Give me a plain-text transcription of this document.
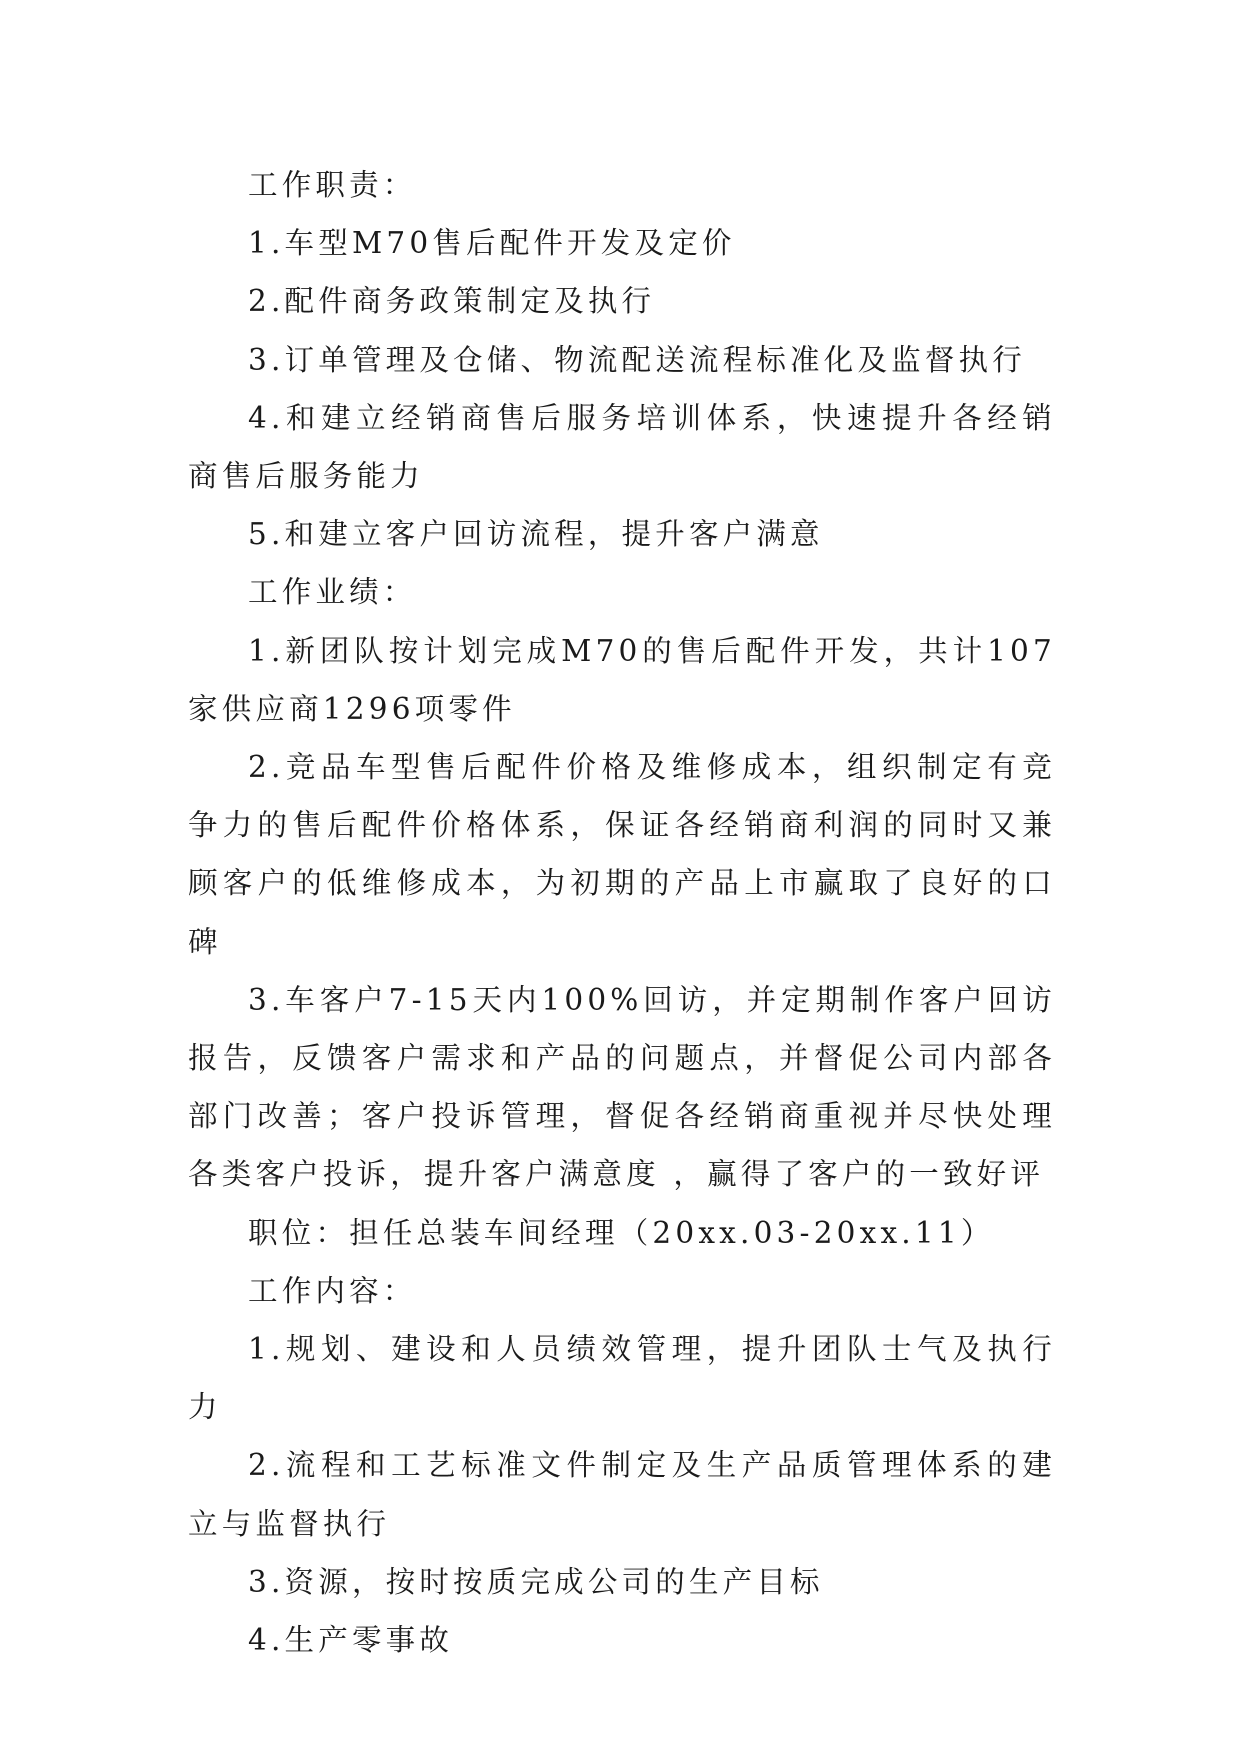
工作职责：

1.车型M70售后配件开发及定价

2.配件商务政策制定及执行

3.订单管理及仓储、物流配送流程标准化及监督执行

4.和建立经销商售后服务培训体系，快速提升各经销商售后服务能力

5.和建立客户回访流程，提升客户满意

工作业绩：

1.新团队按计划完成M70的售后配件开发，共计107家供应商1296项零件

2.竞品车型售后配件价格及维修成本，组织制定有竞争力的售后配件价格体系，保证各经销商利润的同时又兼顾客户的低维修成本，为初期的产品上市赢取了良好的口碑

3.车客户7-15天内100%回访，并定期制作客户回访报告，反馈客户需求和产品的问题点，并督促公司内部各部门改善；客户投诉管理，督促各经销商重视并尽快处理各类客户投诉，提升客户满意度 ，赢得了客户的一致好评

职位：担任总装车间经理（20xx.03-20xx.11）

工作内容：

1.规划、建设和人员绩效管理，提升团队士气及执行力

2.流程和工艺标准文件制定及生产品质管理体系的建立与监督执行

3.资源，按时按质完成公司的生产目标

4.生产零事故
